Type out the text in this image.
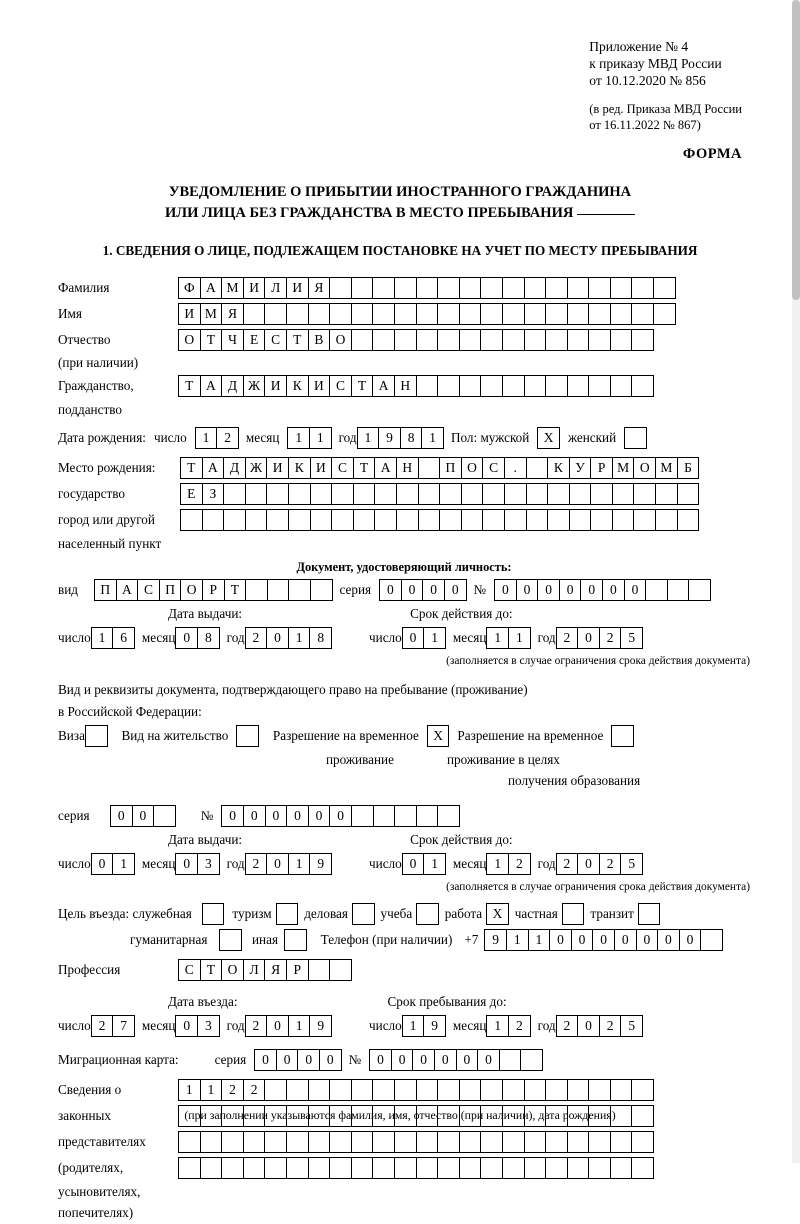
Приложение № 4
к приказу МВД России
от 10.12.2020 № 856
(в ред. Приказа МВД России
от 16.11.2022 № 867)
ФОРМА
УВЕДОМЛЕНИЕ О ПРИБЫТИИ ИНОСТРАННОГО ГРАЖДАНИНА
ИЛИ ЛИЦА БЕЗ ГРАЖДАНСТВА В МЕСТО ПРЕБЫВАНИЯ
1. СВЕДЕНИЯ О ЛИЦЕ, ПОДЛЕЖАЩЕМ ПОСТАНОВКЕ НА УЧЕТ ПО МЕСТУ ПРЕБЫВАНИЯ
Фамилия	Ф А М И Л И Я
Имя	И М Я
Отчество	О Т Ч Е С Т В О
(при наличии)
Гражданство,	Т А Д Ж И К И С Т А Н
подданство
Дата рождения: число	1	2	месяц	1	1	год 1	9	8	1	Пол: мужской	X	женский
Место рождения:	Т А Д Ж И К И С Т А Н	П О С	.	К У Р М О М Б
государство	Е	З
город или другой
населенный пункт
Документ, удостоверяющий личность:
вид	П А С П О Р	Т	серия	0	0	0	0	№	0	0	0	0	0	0	0
Дата выдачи:	Срок действия до:
число 1	6	месяц 0	8	год 2	0	1	8	число 0	1	месяц 1	1	год 2	0	2	5
(заполняется в случае ограничения срока действия документа)
Вид и реквизиты документа, подтверждающего право на пребывание (проживание)
в Российской Федерации:
Виза	Вид на жительство	Разрешение на временное	X	Разрешение на временное
проживание	проживание в целях
получения образования
серия	0	0	№	0	0	0	0	0	0
Дата выдачи:	Срок действия до:
число 0	1	месяц 0	3	год 2	0	1	9	число 0	1	месяц 1	2	год 2	0	2	5
(заполняется в случае ограничения срока действия документа)
Цель въезда: служебная	туризм деловая учеба работа X частная транзит
гуманитарная	иная	Телефон (при наличии) +7	9	1	1	0	0	0	0	0	0	0
Профессия	С Т О Л Я Р
Дата въезда:	Срок пребывания до:
число 2	7	месяц 0	3	год 2	0	1	9	число 1	9	месяц 1	2	год 2	0	2	5
Миграционная карта:	серия	0	0	0	0	№	0	0	0	0	0	0
Сведения о	1	1	2	2
законных
представителях
(родителях,
усыновителях,
попечителях)
(при заполнении указываются фамилия, имя, отчество (при наличии), дата рождения)
